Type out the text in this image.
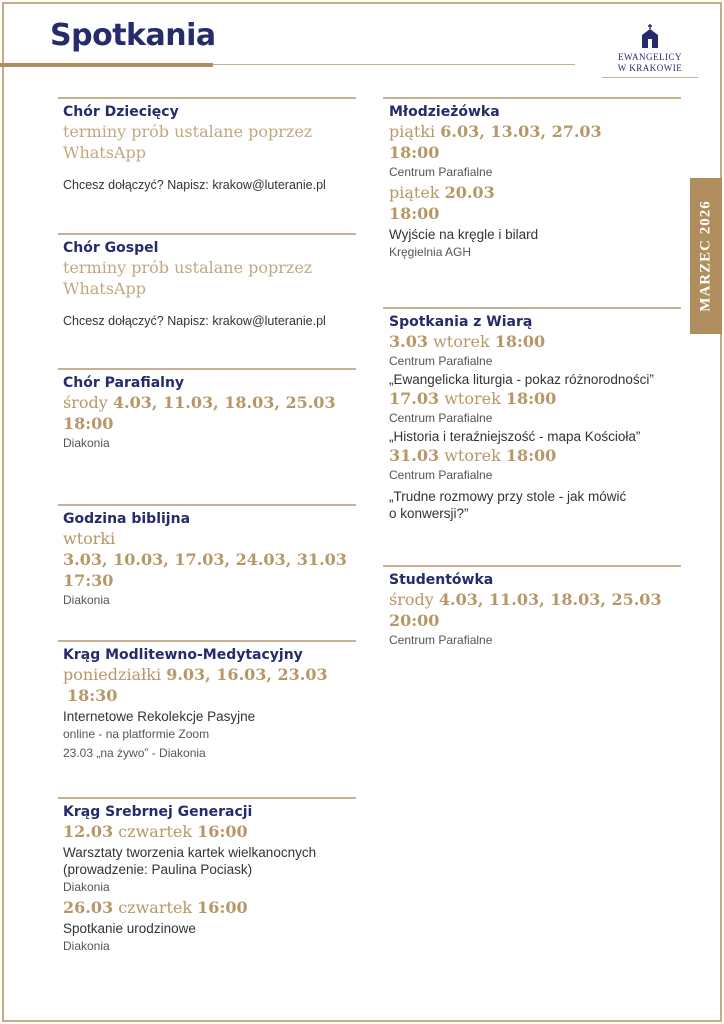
Spotkania
EWANGELICY
W KRAKOWIE
MARZEC 2026
Chór Dziecięcy
terminy prób ustalane poprzez WhatsApp
Chcesz dołączyć? Napisz: krakow@luteranie.pl
Chór Gospel
terminy prób ustalane poprzez WhatsApp
Chcesz dołączyć? Napisz: krakow@luteranie.pl
Chór Parafialny
środy 4.03, 11.03, 18.03, 25.03
18:00
Diakonia
Godzina biblijna
wtorki
3.03, 10.03, 17.03, 24.03, 31.03
17:30
Diakonia
Krąg Modlitewno-Medytacyjny
poniedziałki 9.03, 16.03, 23.03
18:30
Internetowe Rekolekcje Pasyjne
online - na platformie Zoom
23.03 „na żywo” - Diakonia
Krąg Srebrnej Generacji
12.03 czwartek 16:00
Warsztaty tworzenia kartek wielkanocnych
(prowadzenie: Paulina Pociask)
Diakonia
26.03 czwartek 16:00
Spotkanie urodzinowe
Diakonia
Młodzieżówka
piątki 6.03, 13.03, 27.03
18:00
Centrum Parafialne
piątek 20.03
18:00
Wyjście na kręgle i bilard
Kręgielnia AGH
Spotkania z Wiarą
3.03 wtorek 18:00
Centrum Parafialne
„Ewangelicka liturgia - pokaz różnorodności”
17.03 wtorek 18:00
Centrum Parafialne
„Historia i teraźniejszość - mapa Kościoła”
31.03 wtorek 18:00
Centrum Parafialne
„Trudne rozmowy przy stole - jak mówić
o konwersji?”
Studentówka
środy 4.03, 11.03, 18.03, 25.03
20:00
Centrum Parafialne
